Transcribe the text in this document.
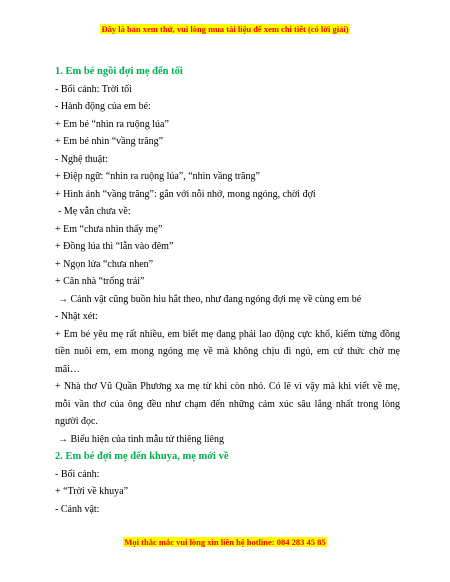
Đây là bản xem thử, vui lòng mua tài liệu để xem chi tiết (có lời giải)
1. Em bé ngồi đợi mẹ đến tối
- Bối cảnh: Trời tối
- Hành động của em bé:
+ Em bé “nhìn ra ruộng lúa”
+ Em bé nhìn “vầng trăng”
- Nghệ thuật:
+ Điệp ngữ: “nhìn ra ruộng lúa”, “nhìn vầng trăng”
+ Hình ảnh “vầng trăng”: gắn với nỗi nhớ, mong ngóng, chời đợi
- Mẹ vẫn chưa về:
+ Em “chưa nhìn thấy mẹ”
+ Đồng lúa thì “lẫn vào đêm”
+ Ngọn lửa “chưa nhen”
+ Căn nhà “trống trải”
→ Cảnh vật cũng buồn hiu hắt theo, như đang ngóng đợi mẹ về cùng em bé
- Nhật xét:
+ Em bé yêu mẹ rất nhiều, em biết mẹ đang phải lao động cực khổ, kiếm từng đồng tiền nuôi em, em mong ngóng mẹ về mà không chịu đi ngủ, em cứ thức chờ mẹ mãi…
+ Nhà thơ Vũ Quần Phương xa mẹ từ khi còn nhỏ. Có lẽ vì vậy mà khi viết về mẹ, mỗi vần thơ của ông đều như chạm đến những cảm xúc sâu lắng nhất trong lòng người đọc.
→ Biểu hiện của tình mẫu tử thiêng liêng
2. Em bé đợi mẹ đến khuya, mẹ mới về
- Bối cảnh:
+ “Trời về khuya”
- Cảnh vật:
Mọi thắc mắc vui lòng xin liên hệ hotline: 084 283 45 85
